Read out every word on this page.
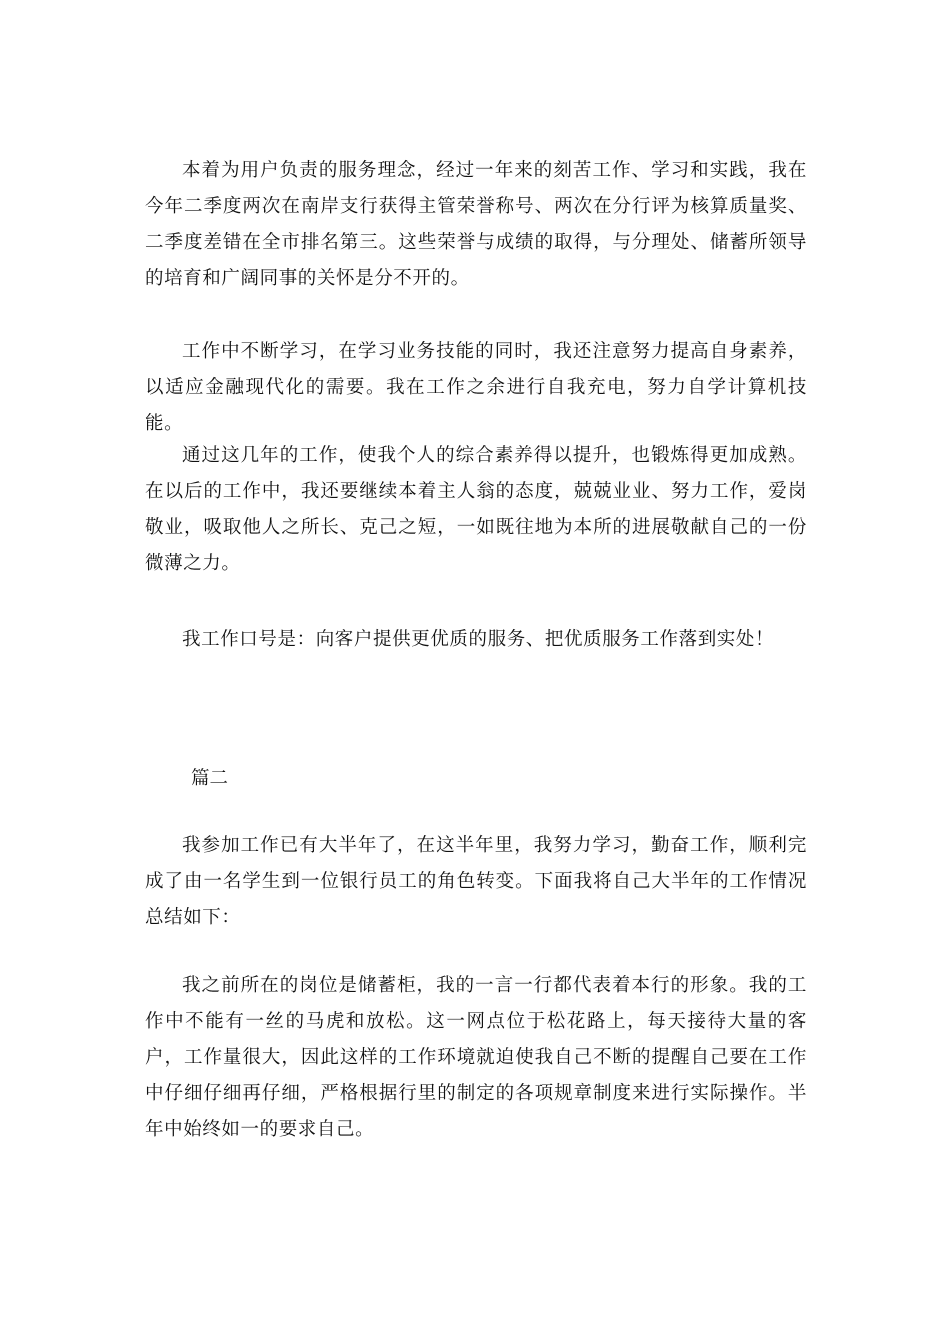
本着为用户负责的服务理念，经过一年来的刻苦工作、学习和实践，我在今年二季度两次在南岸支行获得主管荣誉称号、两次在分行评为核算质量奖、二季度差错在全市排名第三。这些荣誉与成绩的取得，与分理处、储蓄所领导的培育和广阔同事的关怀是分不开的。

工作中不断学习，在学习业务技能的同时，我还注意努力提高自身素养，以适应金融现代化的需要。我在工作之余进行自我充电，努力自学计算机技能。

通过这几年的工作，使我个人的综合素养得以提升，也锻炼得更加成熟。在以后的工作中，我还要继续本着主人翁的态度，兢兢业业、努力工作，爱岗敬业，吸取他人之所长、克己之短，一如既往地为本所的进展敬献自己的一份微薄之力。

我工作口号是：向客户提供更优质的服务、把优质服务工作落到实处！

篇二

我参加工作已有大半年了，在这半年里，我努力学习，勤奋工作，顺利完成了由一名学生到一位银行员工的角色转变。下面我将自己大半年的工作情况总结如下：

我之前所在的岗位是储蓄柜，我的一言一行都代表着本行的形象。我的工作中不能有一丝的马虎和放松。这一网点位于松花路上，每天接待大量的客户，工作量很大，因此这样的工作环境就迫使我自己不断的提醒自己要在工作中仔细仔细再仔细，严格根据行里的制定的各项规章制度来进行实际操作。半年中始终如一的要求自己。
